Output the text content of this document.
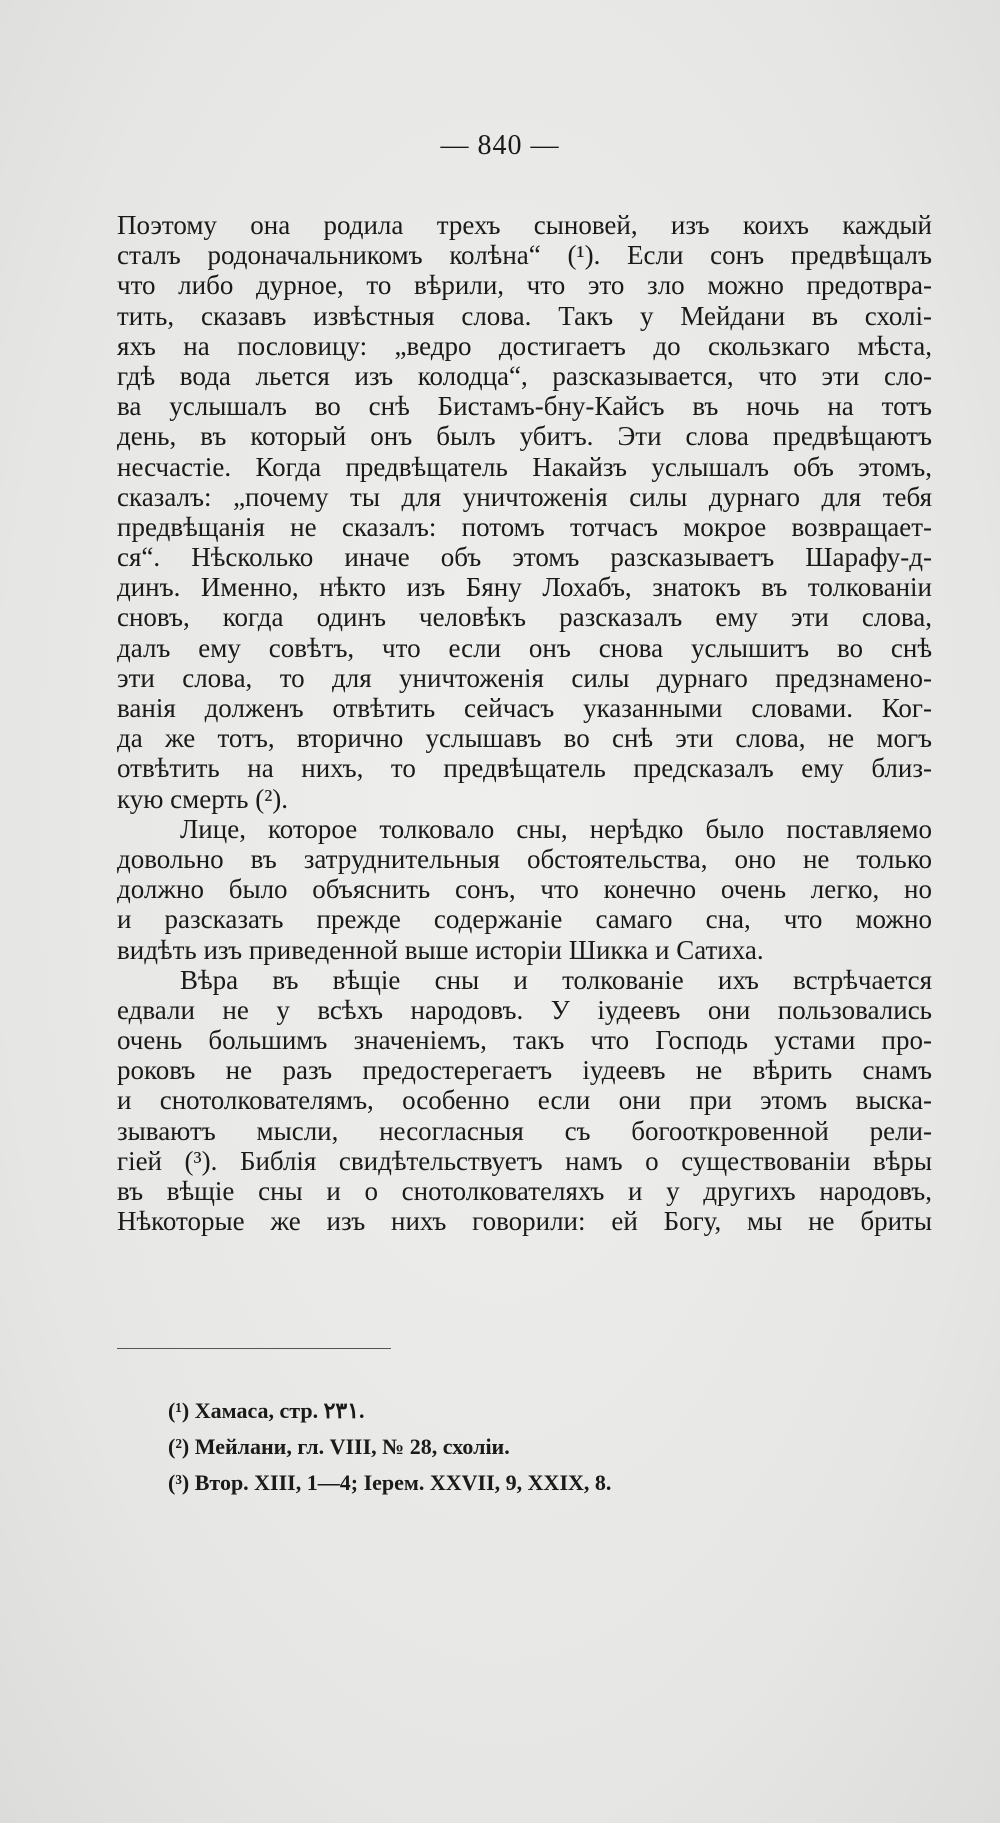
— 840 —
Поэтому она родила трехъ сыновей, изъ коихъ каждый
сталъ родоначальникомъ колѣна“ (¹). Если сонъ предвѣщалъ
что либо дурное, то вѣрили, что это зло можно предотвра-
тить, сказавъ извѣстныя слова. Такъ у Мейдани въ схолі-
яхъ на пословицу: „ведро достигаетъ до скользкаго мѣста,
гдѣ вода льется изъ колодца“, разсказывается, что эти сло-
ва услышалъ во снѣ Бистамъ-бну-Кайсъ въ ночь на тотъ
день, въ который онъ былъ убитъ. Эти слова предвѣщаютъ
несчастіе. Когда предвѣщатель Накайзъ услышалъ объ этомъ,
сказалъ: „почему ты для уничтоженія силы дурнаго для тебя
предвѣщанія не сказалъ: потомъ тотчасъ мокрое возвращает-
ся“. Нѣсколько иначе объ этомъ разсказываетъ Шарафу-д-
динъ. Именно, нѣкто изъ Бяну Лохабъ, знатокъ въ толкованіи
сновъ, когда одинъ человѣкъ разсказалъ ему эти слова,
далъ ему совѣтъ, что если онъ снова услышитъ во снѣ
эти слова, то для уничтоженія силы дурнаго предзнамено-
ванія долженъ отвѣтить сейчасъ указанными словами. Ког-
да же тотъ, вторично услышавъ во снѣ эти слова, не могъ
отвѣтить на нихъ, то предвѣщатель предсказалъ ему близ-
кую смерть (²).
Лице, которое толковало сны, нерѣдко было поставляемо
довольно въ затруднительныя обстоятельства, оно не только
должно было объяснить сонъ, что конечно очень легко, но
и разсказать прежде содержаніе самаго сна, что можно
видѣть изъ приведенной выше исторіи Шикка и Сатиха.
Вѣра въ вѣщіе сны и толкованіе ихъ встрѣчается
едвали не у всѣхъ народовъ. У іудеевъ они пользовались
очень большимъ значеніемъ, такъ что Господь устами про-
роковъ не разъ предостерегаетъ іудеевъ не вѣрить снамъ
и снотолкователямъ, особенно если они при этомъ выска-
зываютъ мысли, несогласныя съ богооткровенной рели-
гіей (³). Библія свидѣтельствуетъ намъ о существованіи вѣры
въ вѣщіе сны и о снотолкователяхъ и у другихъ народовъ,
Нѣкоторые же изъ нихъ говорили: ей Богу, мы не бриты
(¹) Хамаса, стр. ٢٣١.
(²) Мейлани, гл. VIII, № 28, схоліи.
(³) Втор. XIII, 1—4; Іерем. XXVII, 9, XXIX, 8.
